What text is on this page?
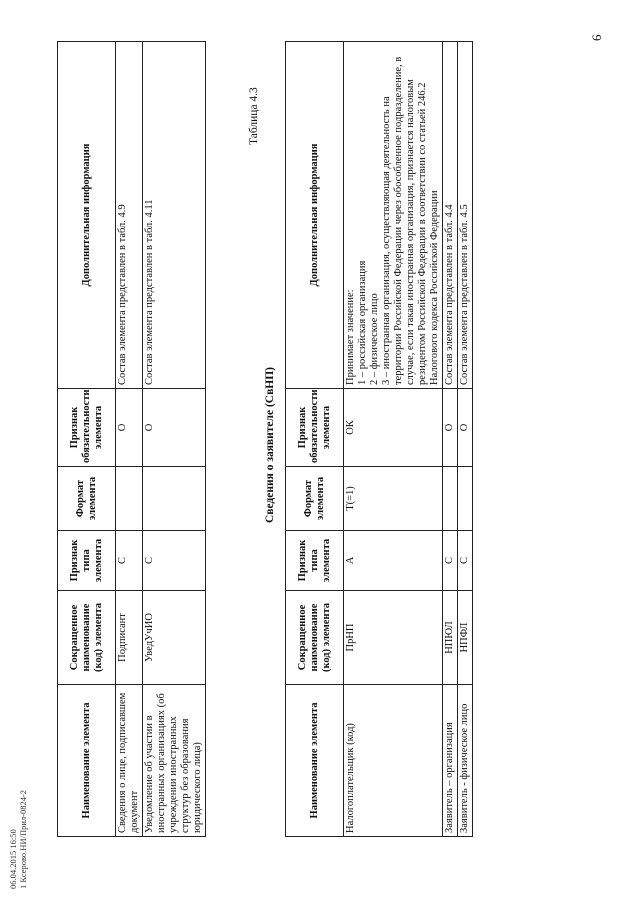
6
06.04.2015 16:50 1 Ксерово.НИ/Прил-0824-2
Наименование элемента	Сокращенное наименование (код) элемента	Признак типа элемента	Формат элемента	Признак обязательности элемента	Дополнительная информация
Сведения о лице, подписавшем документ	Подписант	С		О	Состав элемента представлен в табл. 4.9
Уведомление об участии в иностранных организациях (об учреждении иностранных структур без образования юридического лица)	УведУчИО	С		О	Состав элемента представлен в табл. 4.11
Таблица 4.3
Сведения о заявителе (СвНП)
Наименование элемента	Сокращенное наименование (код) элемента	Признак типа элемента	Формат элемента	Признак обязательности элемента	Дополнительная информация
Налогоплательщик (код)	ПрНП	А	T(=1)	ОК	Принимает значение:
1 – российская организация
2 – физическое лицо
3 – иностранная организация, осуществляющая деятельность на территории Российской Федерации через обособленное подразделение, в случае, если такая иностранная организация, признается налоговым резидентом Российской Федерации в соответствии со статьей 246.2 Налогового кодекса Российской Федерации
Заявитель – организация	НПЮЛ	С		О	Состав элемента представлен в табл. 4.4
Заявитель - физическое лицо	НПФЛ	С		О	Состав элемента представлен в табл. 4.5
